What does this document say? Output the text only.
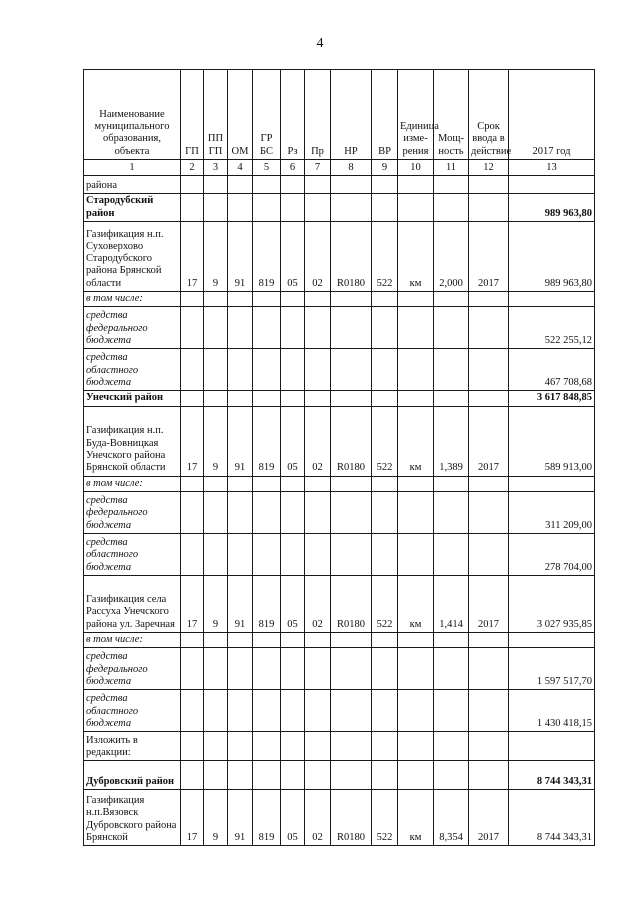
4
Наименование муниципального образования, объекта	ГП	ПП ГП	ОМ	ГР БС	Рз	Пр	НР	ВР	Единица изме-рения	Мощ-ность	Срок ввода в действие	2017 год
1	2	3	4	5	6	7	8	9	10	11	12	13
района												
Стародубский район												989 963,80
Газификация н.п. Суховерхово Стародубского района Брянской области	17	9	91	819	05	02	R0180	522	км	2,000	2017	989 963,80
в том числе:												
средства федерального бюджета												522 255,12
средства областного бюджета												467 708,68
Унечский район												3 617 848,85
Газификация н.п. Буда-Вовницкая Унечского района Брянской области	17	9	91	819	05	02	R0180	522	км	1,389	2017	589 913,00
в том числе:												
средства федерального бюджета												311 209,00
средства областного бюджета												278 704,00
Газификация села Рассуха Унечского района ул. Заречная	17	9	91	819	05	02	R0180	522	км	1,414	2017	3 027 935,85
в том числе:												
средства федерального бюджета												1 597 517,70
средства областного бюджета												1 430 418,15
Изложить в редакции:												
Дубровский район												8 744 343,31
Газификация н.п.Вязовск Дубровского района Брянской	17	9	91	819	05	02	R0180	522	км	8,354	2017	8 744 343,31
